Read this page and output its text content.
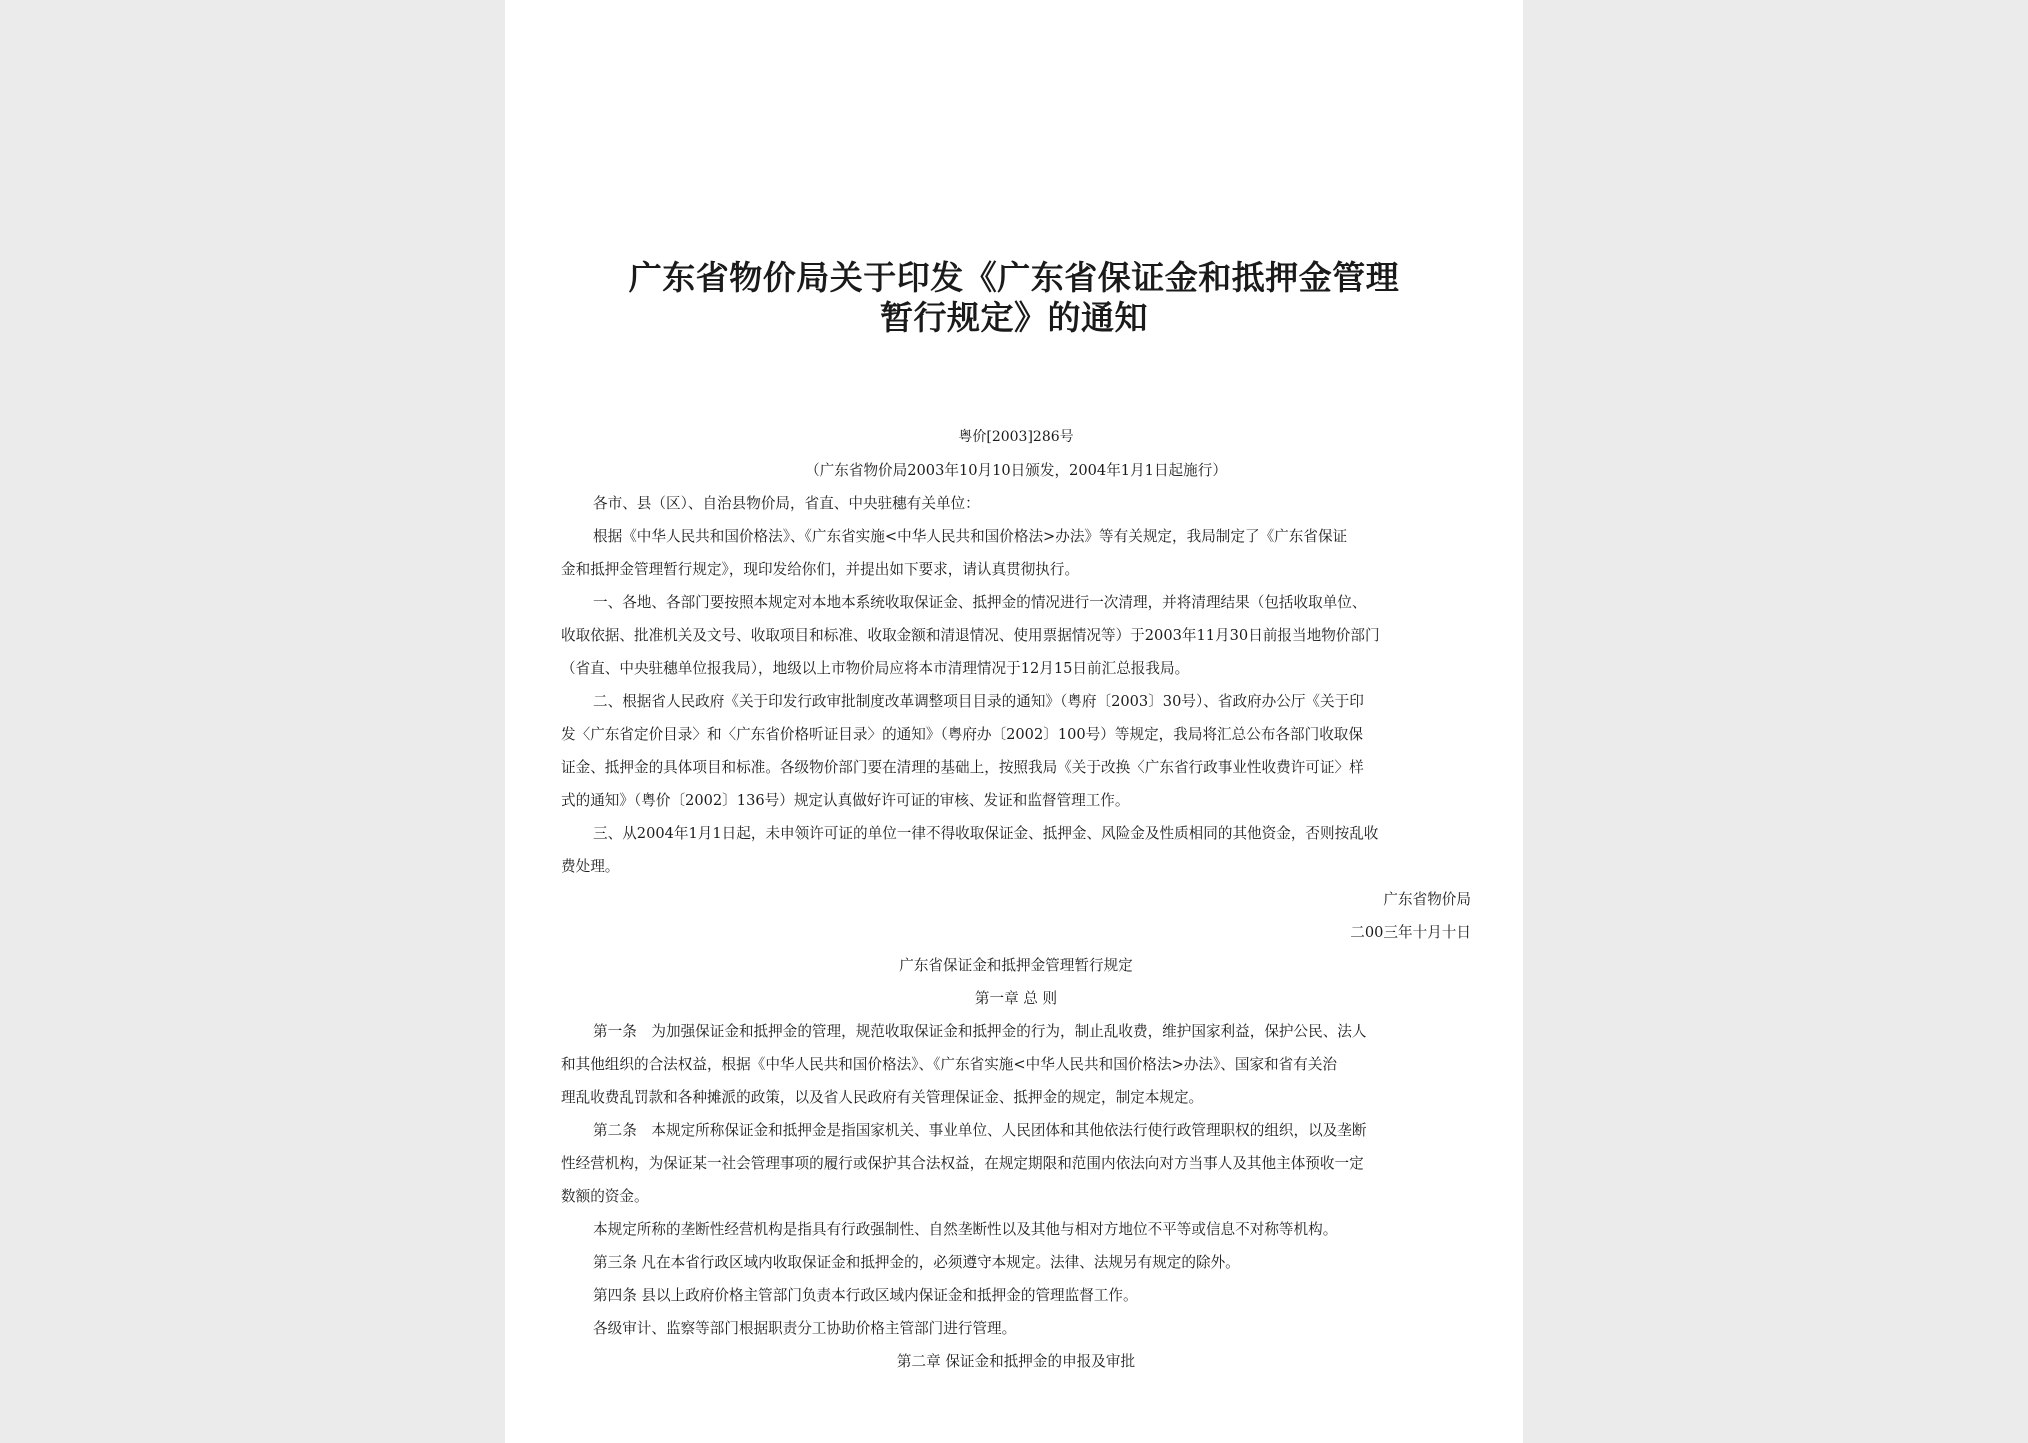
广东省物价局关于印发《广东省保证金和抵押金管理
暂行规定》的通知
粤价[2003]286号
（广东省物价局2003年10月10日颁发，2004年1月1日起施行）
各市、县（区）、自治县物价局，省直、中央驻穗有关单位：
根据《中华人民共和国价格法》、《广东省实施<中华人民共和国价格法>办法》等有关规定，我局制定了《广东省保证
金和抵押金管理暂行规定》，现印发给你们，并提出如下要求，请认真贯彻执行。
一、各地、各部门要按照本规定对本地本系统收取保证金、抵押金的情况进行一次清理，并将清理结果（包括收取单位、
收取依据、批准机关及文号、收取项目和标准、收取金额和清退情况、使用票据情况等）于2003年11月30日前报当地物价部门
（省直、中央驻穗单位报我局），地级以上市物价局应将本市清理情况于12月15日前汇总报我局。
二、根据省人民政府《关于印发行政审批制度改革调整项目目录的通知》（粤府〔2003〕30号）、省政府办公厅《关于印
发〈广东省定价目录〉和〈广东省价格听证目录〉的通知》（粤府办〔2002〕100号）等规定，我局将汇总公布各部门收取保
证金、抵押金的具体项目和标准。各级物价部门要在清理的基础上，按照我局《关于改换〈广东省行政事业性收费许可证〉样
式的通知》（粤价〔2002〕136号）规定认真做好许可证的审核、发证和监督管理工作。
三、从2004年1月1日起，未申领许可证的单位一律不得收取保证金、抵押金、风险金及性质相同的其他资金，否则按乱收
费处理。
广东省物价局
二00三年十月十日
广东省保证金和抵押金管理暂行规定
第一章 总 则
第一条　为加强保证金和抵押金的管理，规范收取保证金和抵押金的行为，制止乱收费，维护国家利益，保护公民、法人
和其他组织的合法权益，根据《中华人民共和国价格法》、《广东省实施<中华人民共和国价格法>办法》、国家和省有关治
理乱收费乱罚款和各种摊派的政策，以及省人民政府有关管理保证金、抵押金的规定，制定本规定。
第二条　本规定所称保证金和抵押金是指国家机关、事业单位、人民团体和其他依法行使行政管理职权的组织，以及垄断
性经营机构，为保证某一社会管理事项的履行或保护其合法权益，在规定期限和范围内依法向对方当事人及其他主体预收一定
数额的资金。
本规定所称的垄断性经营机构是指具有行政强制性、自然垄断性以及其他与相对方地位不平等或信息不对称等机构。
第三条 凡在本省行政区域内收取保证金和抵押金的，必须遵守本规定。法律、法规另有规定的除外。
第四条 县以上政府价格主管部门负责本行政区域内保证金和抵押金的管理监督工作。
各级审计、监察等部门根据职责分工协助价格主管部门进行管理。
第二章 保证金和抵押金的申报及审批
